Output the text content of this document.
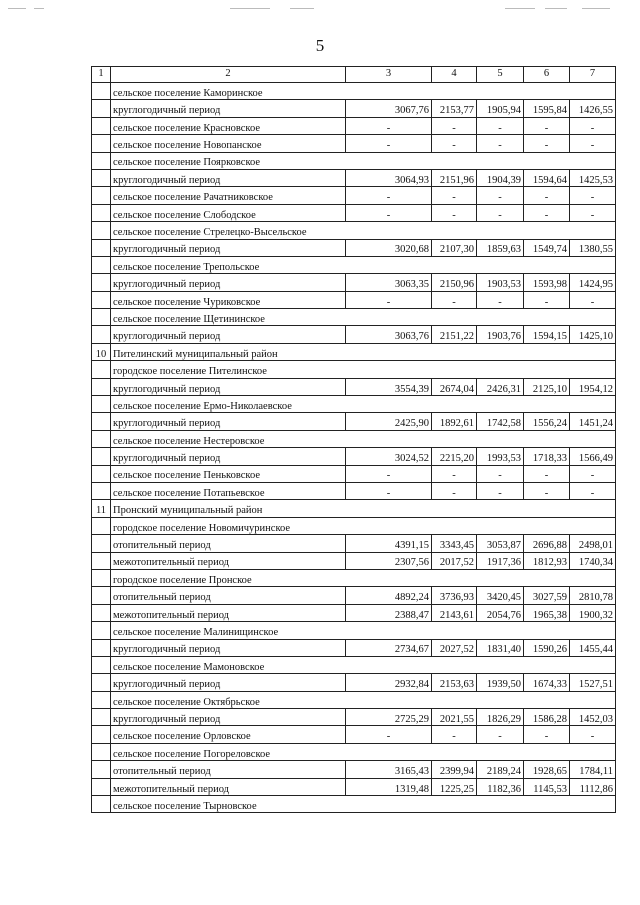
5
1	2	3	4	5	6	7
	сельское поселение Каморинское					
	круглогодичный период	3067,76	2153,77	1905,94	1595,84	1426,55
	сельское поселение Красновское	-	-	-	-	-
	сельское поселение Новопанское	-	-	-	-	-
	сельское поселение Поярковское					
	круглогодичный период	3064,93	2151,96	1904,39	1594,64	1425,53
	сельское поселение Рачатниковское	-	-	-	-	-
	сельское поселение Слободское	-	-	-	-	-
	сельское поселение Стрелецко-Высельское					
	круглогодичный период	3020,68	2107,30	1859,63	1549,74	1380,55
	сельское поселение Трепольское					
	круглогодичный период	3063,35	2150,96	1903,53	1593,98	1424,95
	сельское поселение Чуриковское	-	-	-	-	-
	сельское поселение Щетининское					
	круглогодичный период	3063,76	2151,22	1903,76	1594,15	1425,10
10	Пителинский муниципальный район					
	городское поселение Пителинское					
	круглогодичный период	3554,39	2674,04	2426,31	2125,10	1954,12
	сельское поселение Ермо-Николаевское					
	круглогодичный период	2425,90	1892,61	1742,58	1556,24	1451,24
	сельское поселение Нестеровское					
	круглогодичный период	3024,52	2215,20	1993,53	1718,33	1566,49
	сельское поселение Пеньковское	-	-	-	-	-
	сельское поселение Потапьевское	-	-	-	-	-
11	Пронский муниципальный район					
	городское поселение Новомичуринское					
	отопительный период	4391,15	3343,45	3053,87	2696,88	2498,01
	межотопительный период	2307,56	2017,52	1917,36	1812,93	1740,34
	городское поселение Пронское					
	отопительный период	4892,24	3736,93	3420,45	3027,59	2810,78
	межотопительный период	2388,47	2143,61	2054,76	1965,38	1900,32
	сельское поселение Малинищинское					
	круглогодичный период	2734,67	2027,52	1831,40	1590,26	1455,44
	сельское поселение Мамоновское					
	круглогодичный период	2932,84	2153,63	1939,50	1674,33	1527,51
	сельское поселение Октябрьское					
	круглогодичный период	2725,29	2021,55	1826,29	1586,28	1452,03
	сельское поселение Орловское	-	-	-	-	-
	сельское поселение Погореловское					
	отопительный период	3165,43	2399,94	2189,24	1928,65	1784,11
	межотопительный период	1319,48	1225,25	1182,36	1145,53	1112,86
	сельское поселение Тырновское					
